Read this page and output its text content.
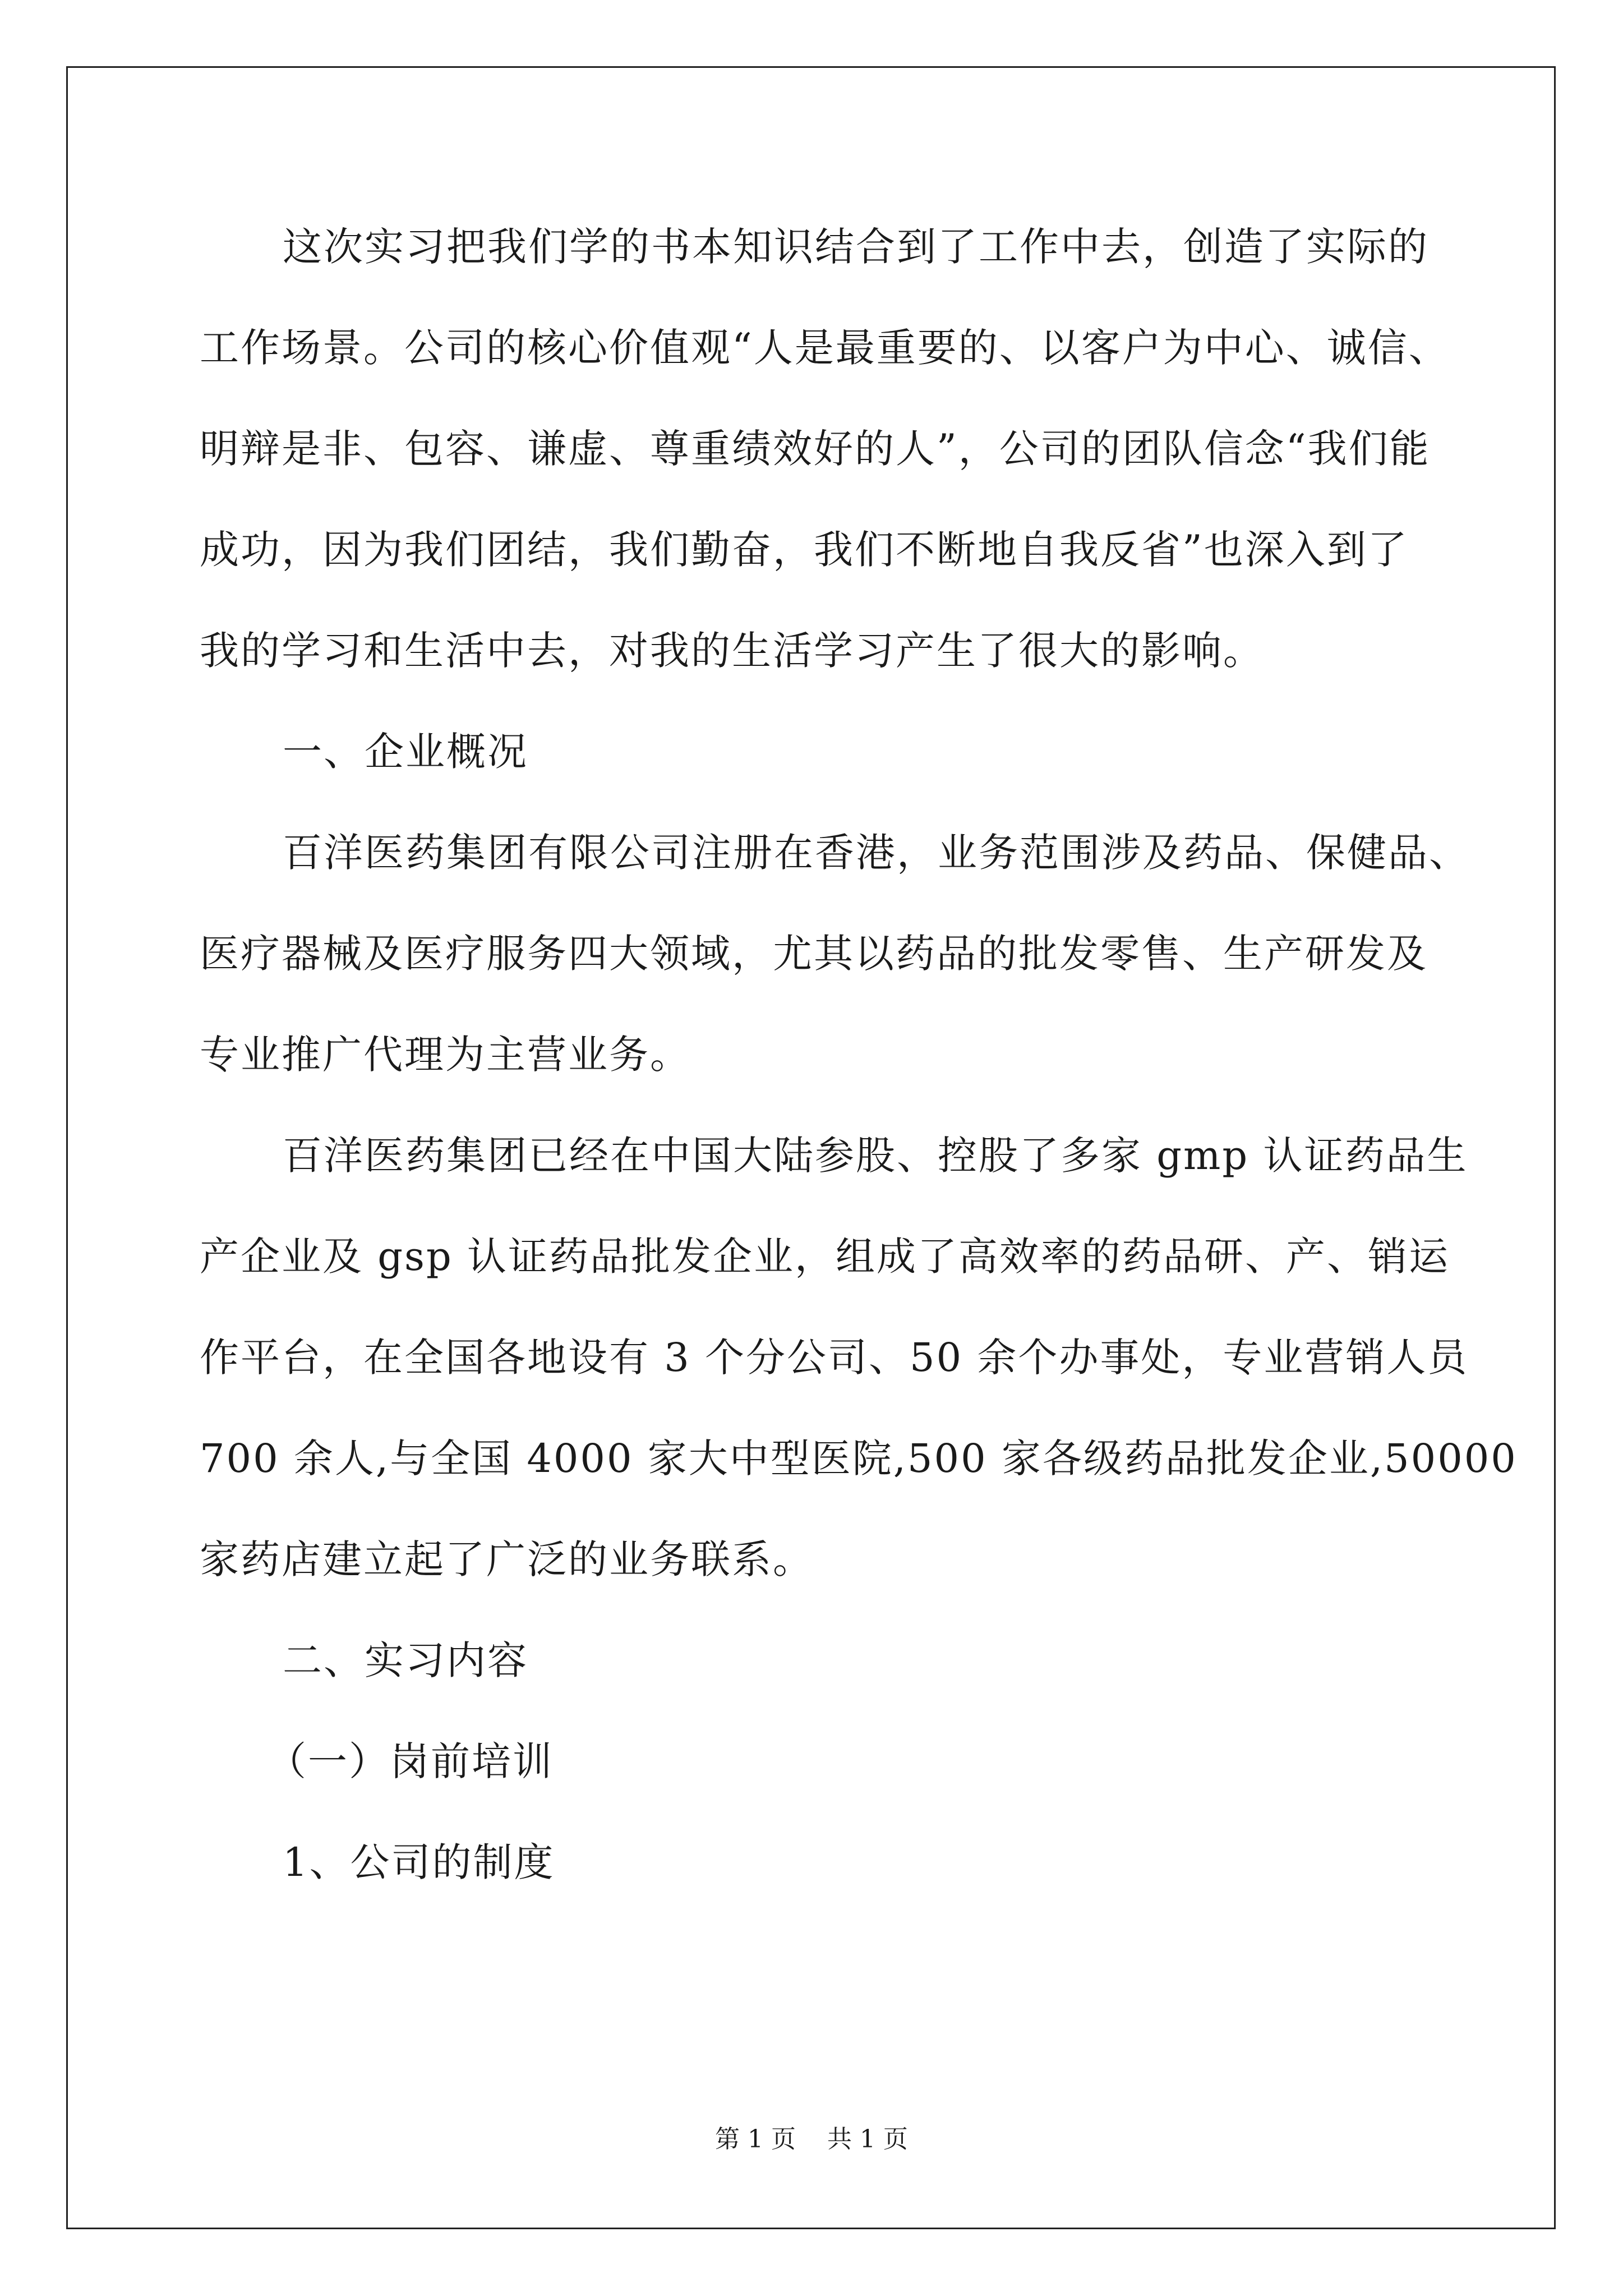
这次实习把我们学的书本知识结合到了工作中去，创造了实际的
工作场景。公司的核心价值观“人是最重要的、以客户为中心、诚信、
明辩是非、包容、谦虚、尊重绩效好的人”，公司的团队信念“我们能
成功，因为我们团结，我们勤奋，我们不断地自我反省”也深入到了
我的学习和生活中去，对我的生活学习产生了很大的影响。
一、企业概况
百洋医药集团有限公司注册在香港，业务范围涉及药品、保健品、
医疗器械及医疗服务四大领域，尤其以药品的批发零售、生产研发及
专业推广代理为主营业务。
百洋医药集团已经在中国大陆参股、控股了多家 gmp 认证药品生
产企业及 gsp 认证药品批发企业，组成了高效率的药品研、产、销运
作平台，在全国各地设有 3 个分公司、50 余个办事处，专业营销人员
700 余人,与全国 4000 家大中型医院,500 家各级药品批发企业,50000
家药店建立起了广泛的业务联系。
二、实习内容
（一）岗前培训
1、公司的制度
第 1 页    共 1 页
